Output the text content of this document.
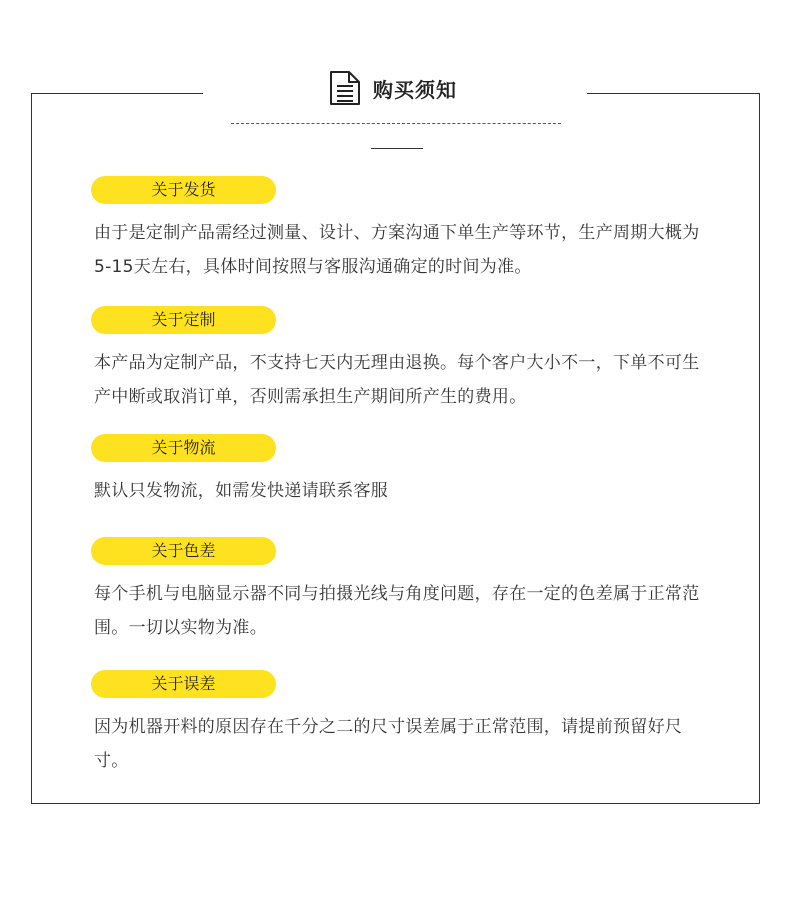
购买须知
关于发货
由于是定制产品需经过测量、设计、方案沟通下单生产等环节，生产周期大概为5-15天左右，具体时间按照与客服沟通确定的时间为准。
关于定制
本产品为定制产品，不支持七天内无理由退换。每个客户大小不一，下单不可生产中断或取消订单，否则需承担生产期间所产生的费用。
关于物流
默认只发物流，如需发快递请联系客服
关于色差
每个手机与电脑显示器不同与拍摄光线与角度问题，存在一定的色差属于正常范围。一切以实物为准。
关于误差
因为机器开料的原因存在千分之二的尺寸误差属于正常范围，请提前预留好尺寸。
